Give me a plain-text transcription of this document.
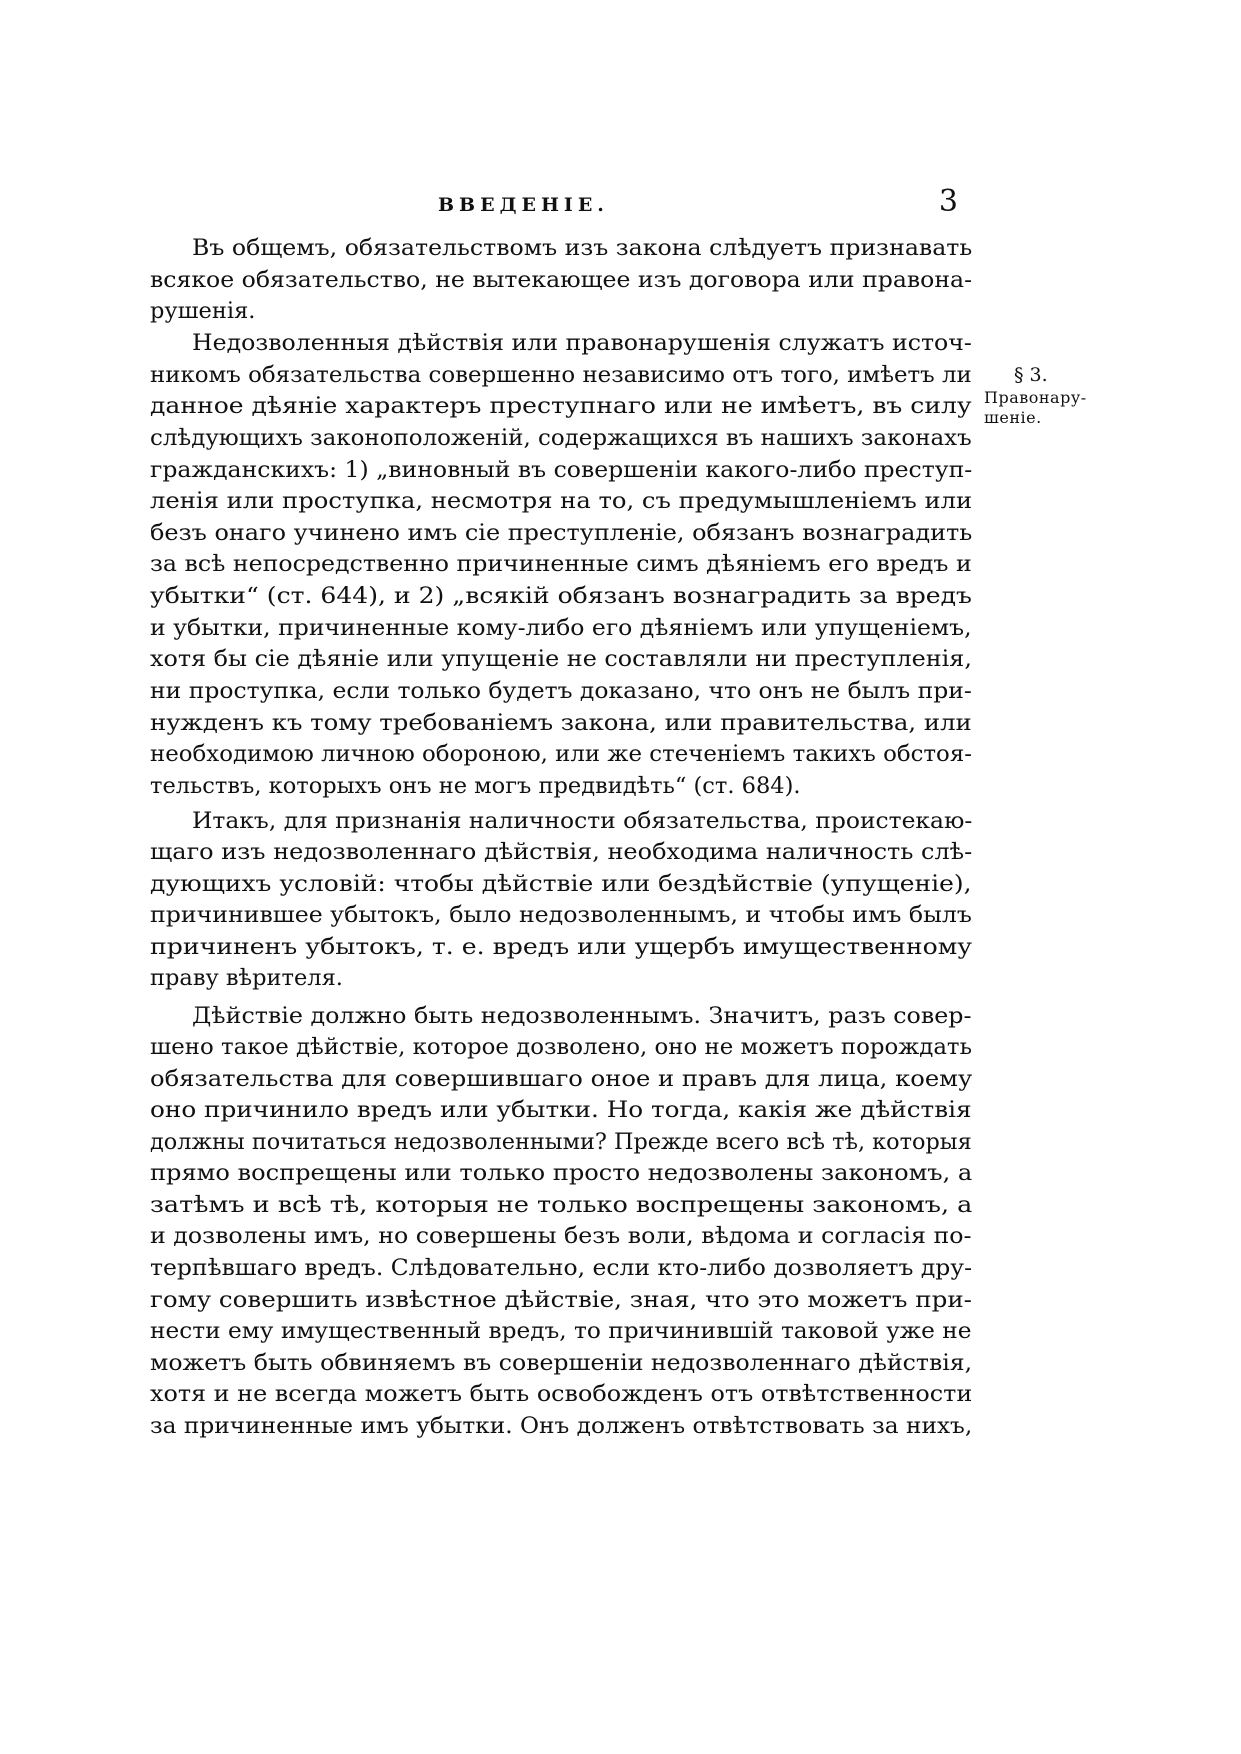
ВВЕДЕНІЕ.	3
§ 3.
Правонару-
шеніе.
Въ общемъ, обязательствомъ изъ закона слѣдуетъ признавать
всякое обязательство, не вытекающее изъ договора или правона-
рушенія.
Недозволенныя дѣйствія или правонарушенія служатъ источ-
никомъ обязательства совершенно независимо отъ того, имѣетъ ли
данное дѣяніе характеръ преступнаго или не имѣетъ, въ силу
слѣдующихъ законоположеній, содержащихся въ нашихъ законахъ
гражданскихъ: 1) „виновный въ совершеніи какого-либо преступ-
ленія или проступка, несмотря на то, съ предумышленіемъ или
безъ онаго учинено имъ сіе преступленіе, обязанъ вознаградить
за всѣ непосредственно причиненные симъ дѣяніемъ его вредъ и
убытки“ (ст. 644), и 2) „всякій обязанъ вознаградить за вредъ
и убытки, причиненные кому-либо его дѣяніемъ или упущеніемъ,
хотя бы сіе дѣяніе или упущеніе не составляли ни преступленія,
ни проступка, если только будетъ доказано, что онъ не былъ при-
нужденъ къ тому требованіемъ закона, или правительства, или
необходимою личною обороною, или же стеченіемъ такихъ обстоя-
тельствъ, которыхъ онъ не могъ предвидѣть“ (ст. 684).
Итакъ, для признанія наличности обязательства, проистекаю-
щаго изъ недозволеннаго дѣйствія, необходима наличность слѣ-
дующихъ условій: чтобы дѣйствіе или бездѣйствіе (упущеніе),
причинившее убытокъ, было недозволеннымъ, и чтобы имъ былъ
причиненъ убытокъ, т. е. вредъ или ущербъ имущественному
праву вѣрителя.
Дѣйствіе должно быть недозволеннымъ. Значитъ, разъ совер-
шено такое дѣйствіе, которое дозволено, оно не можетъ порождать
обязательства для совершившаго оное и правъ для лица, коему
оно причинило вредъ или убытки. Но тогда, какія же дѣйствія
должны почитаться недозволенными? Прежде всего всѣ тѣ, которыя
прямо воспрещены или только просто недозволены закономъ, а
затѣмъ и всѣ тѣ, которыя не только воспрещены закономъ, а
и дозволены имъ, но совершены безъ воли, вѣдома и согласія по-
терпѣвшаго вредъ. Слѣдовательно, если кто-либо дозволяетъ дру-
гому совершить извѣстное дѣйствіе, зная, что это можетъ при-
нести ему имущественный вредъ, то причинившій таковой уже не
можетъ быть обвиняемъ въ совершеніи недозволеннаго дѣйствія,
хотя и не всегда можетъ быть освобожденъ отъ отвѣтственности
за причиненные имъ убытки. Онъ долженъ отвѣтствовать за нихъ,
